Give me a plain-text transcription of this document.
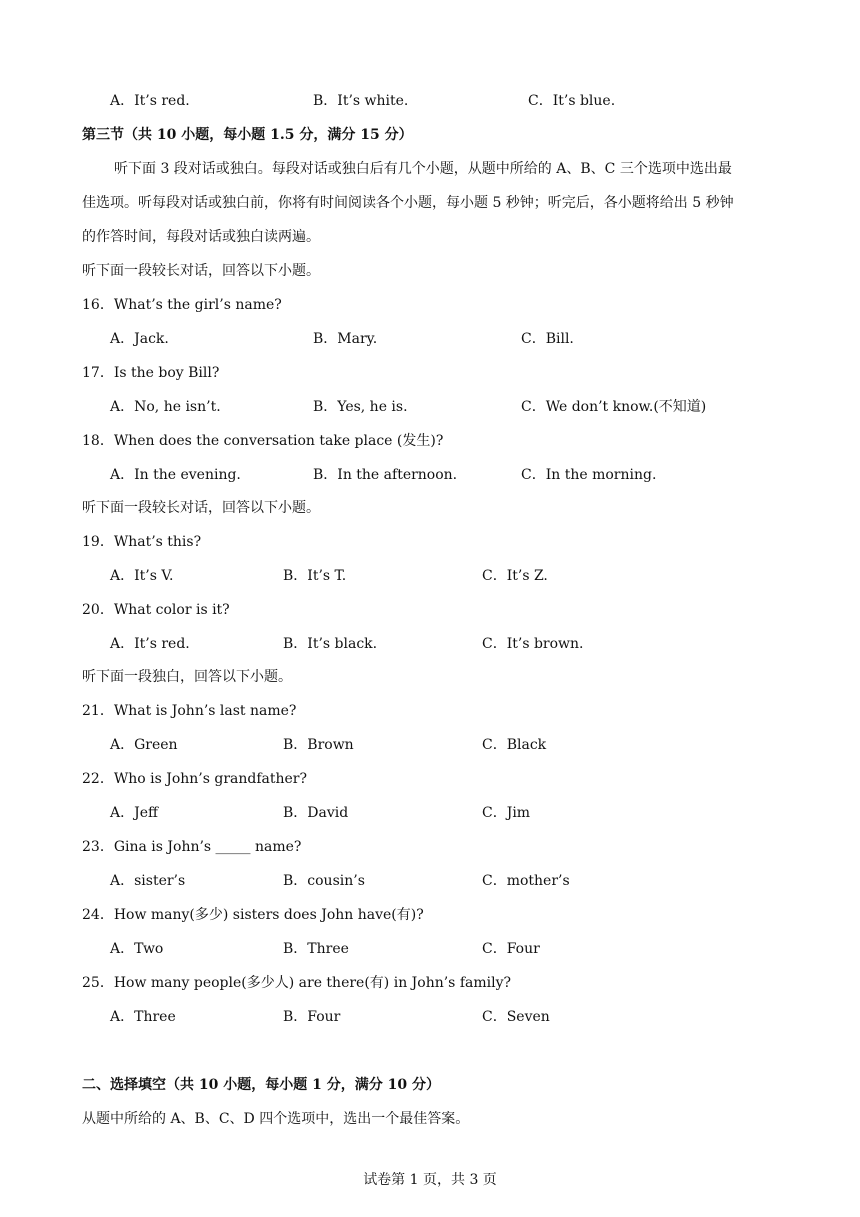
A．It’s red.	B．It’s white.	C．It’s blue.
第三节（共 10 小题，每小题 1.5 分，满分 15 分）
听下面 3 段对话或独白。每段对话或独白后有几个小题，从题中所给的 A、B、C 三个选项中选出最
佳选项。听每段对话或独白前，你将有时间阅读各个小题，每小题 5 秒钟；听完后，各小题将给出 5 秒钟
的作答时间，每段对话或独白读两遍。
听下面一段较长对话，回答以下小题。
16．What’s the girl’s name?
A．Jack.	B．Mary.	C．Bill.
17．Is the boy Bill?
A．No, he isn’t.	B．Yes, he is.	C．We don’t know.(不知道)
18．When does the conversation take place (发生)?
A．In the evening.	B．In the afternoon.	C．In the morning.
听下面一段较长对话，回答以下小题。
19．What’s this?
A．It’s V.	B．It’s T.	C．It’s Z.
20．What color is it?
A．It’s red.	B．It’s black.	C．It’s brown.
听下面一段独白，回答以下小题。
21．What is John’s last name?
A．Green	B．Brown	C．Black
22．Who is John’s grandfather?
A．Jeff	B．David	C．Jim
23．Gina is John’s _____ name?
A．sister’s	B．cousin’s	C．mother’s
24．How many(多少) sisters does John have(有)?
A．Two	B．Three	C．Four
25．How many people(多少人) are there(有) in John’s family?
A．Three	B．Four	C．Seven
二、选择填空（共 10 小题，每小题 1 分，满分 10 分）
从题中所给的 A、B、C、D 四个选项中，选出一个最佳答案。
试卷第 1 页，共 3 页
